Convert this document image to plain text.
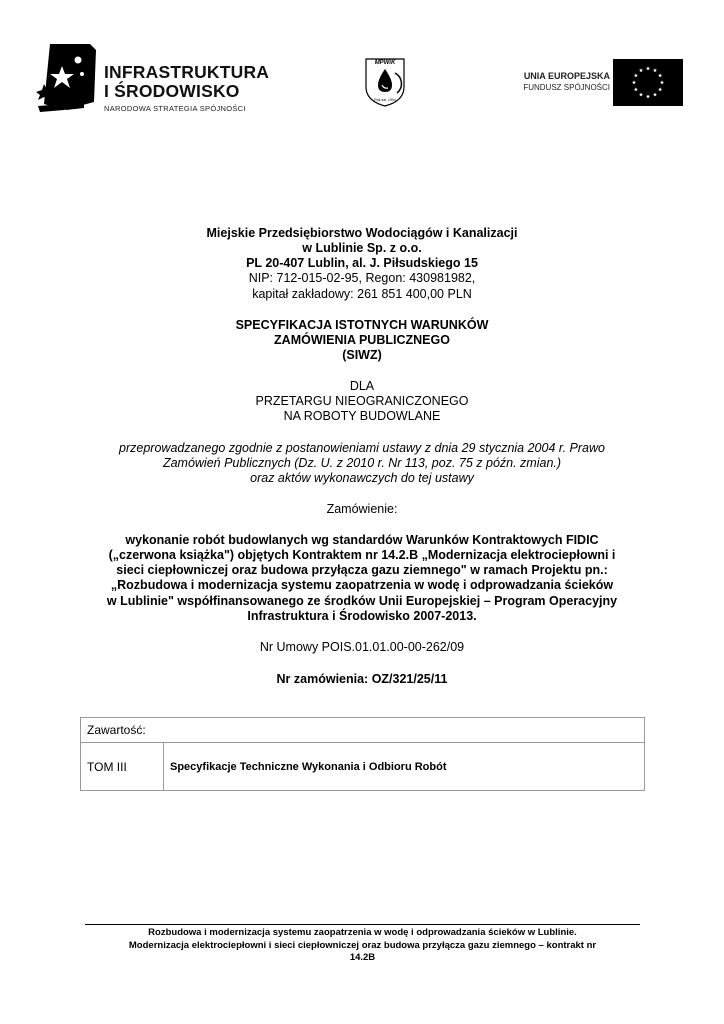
INFRASTRUKTURA
I ŚRODOWISKO
NARODOWA STRATEGIA SPÓJNOŚCI
MPWiK
Rok zał. 1904
UNIA EUROPEJSKA
FUNDUSZ SPÓJNOŚCI
Miejskie Przedsiębiorstwo Wodociągów i Kanalizacji
w Lublinie Sp. z o.o.
PL 20-407 Lublin, al. J. Piłsudskiego 15
NIP: 712-015-02-95, Regon: 430981982,
kapitał zakładowy: 261 851 400,00 PLN
SPECYFIKACJA ISTOTNYCH WARUNKÓW
ZAMÓWIENIA PUBLICZNEGO
(SIWZ)
DLA
PRZETARGU NIEOGRANICZONEGO
NA ROBOTY BUDOWLANE
przeprowadzanego zgodnie z postanowieniami ustawy z dnia 29 stycznia 2004 r. Prawo
Zamówień Publicznych (Dz. U. z 2010 r. Nr 113, poz. 75 z późn. zmian.)
oraz aktów wykonawczych do tej ustawy
Zamówienie:
wykonanie robót budowlanych wg standardów Warunków Kontraktowych FIDIC
(„czerwona książka") objętych Kontraktem nr 14.2.B „Modernizacja elektrociepłowni i
sieci ciepłowniczej oraz budowa przyłącza gazu ziemnego" w ramach Projektu pn.:
„Rozbudowa i modernizacja systemu zaopatrzenia w wodę i odprowadzania ścieków
w Lublinie" współfinansowanego ze środków Unii Europejskiej – Program Operacyjny
Infrastruktura i Środowisko 2007-2013.
Nr Umowy POIS.01.01.00-00-262/09
Nr zamówienia: OZ/321/25/11
Zawartość:
TOM III	Specyfikacje Techniczne Wykonania i Odbioru Robót
Rozbudowa i modernizacja systemu zaopatrzenia w wodę i odprowadzania ścieków w Lublinie.
Modernizacja elektrociepłowni i sieci ciepłowniczej oraz budowa przyłącza gazu ziemnego – kontrakt nr
14.2B
